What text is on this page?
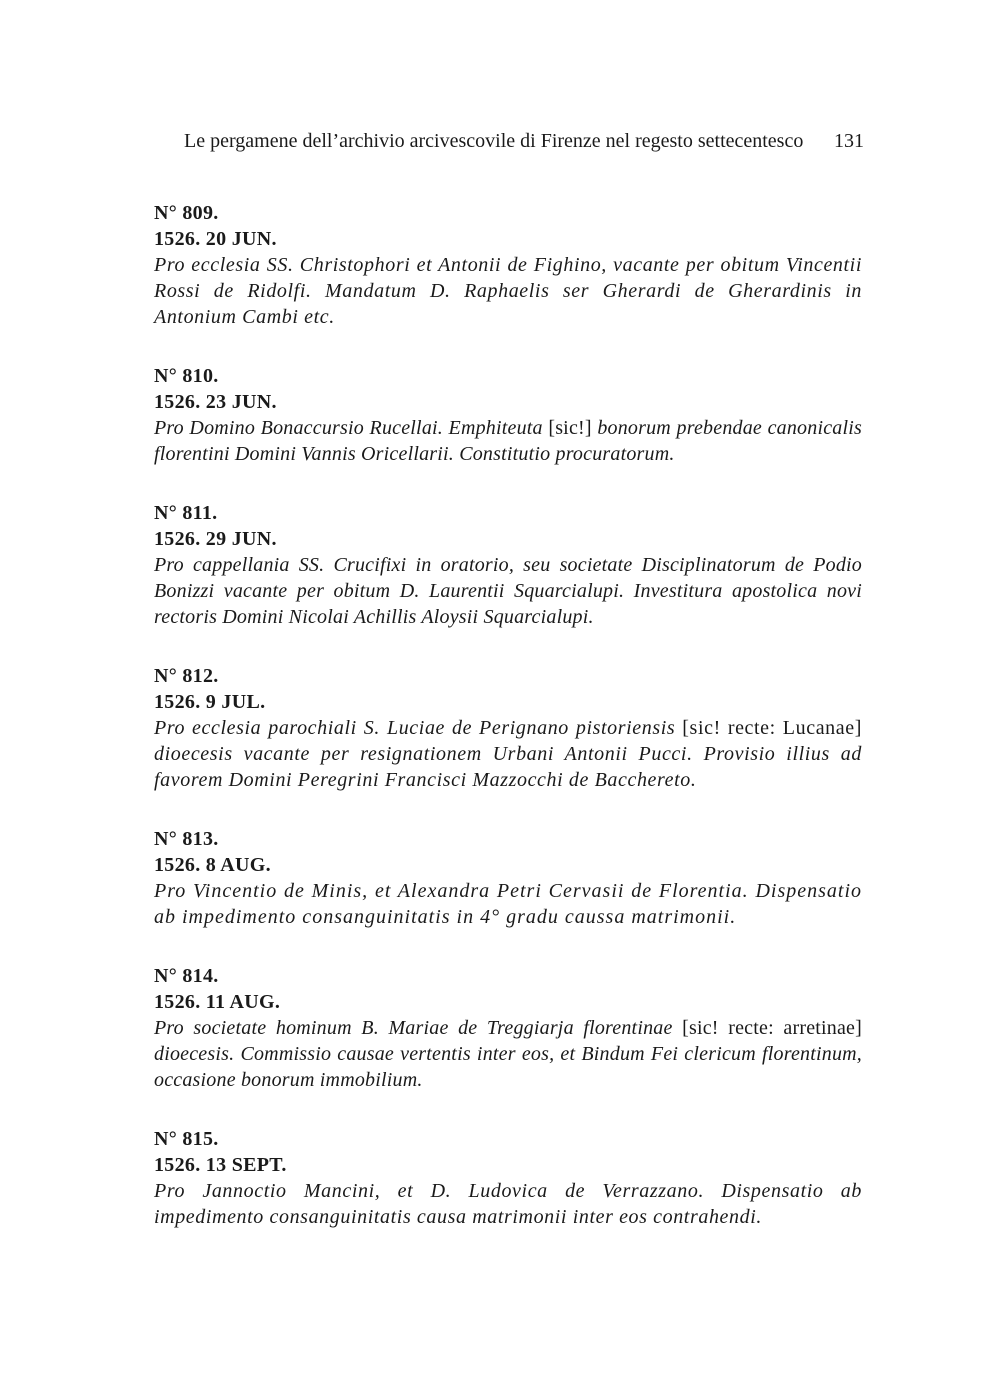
Le pergamene dell’archivio arcivescovile di Firenze nel regesto settecentesco 131
N° 809.
1526. 20 JUN.
Pro ecclesia SS. Christophori et Antonii de Fighino, vacante per obitum Vincentii Rossi de Ridolfi. Mandatum D. Raphaelis ser Gherardi de Gherardinis in Antonium Cambi etc.
N° 810.
1526. 23 JUN.
Pro Domino Bonaccursio Rucellai. Emphiteuta [sic!] bonorum prebendae canonicalis florentini Domini Vannis Oricellarii. Constitutio procuratorum.
N° 811.
1526. 29 JUN.
Pro cappellania SS. Crucifixi in oratorio, seu societate Disciplinatorum de Podio Bonizzi vacante per obitum D. Laurentii Squarcialupi. Investitura apostolica novi rectoris Domini Nicolai Achillis Aloysii Squarcialupi.
N° 812.
1526. 9 JUL.
Pro ecclesia parochiali S. Luciae de Perignano pistoriensis [sic! recte: Lucanae] dioecesis vacante per resignationem Urbani Antonii Pucci. Provisio illius ad favorem Domini Peregrini Francisci Mazzocchi de Bacchereto.
N° 813.
1526. 8 AUG.
Pro Vincentio de Minis, et Alexandra Petri Cervasii de Florentia. Dispensatio ab impedimento consanguinitatis in 4° gradu caussa matrimonii.
N° 814.
1526. 11 AUG.
Pro societate hominum B. Mariae de Treggiarja florentinae [sic! recte: arretinae] dioecesis. Commissio causae vertentis inter eos, et Bindum Fei clericum florentinum, occasione bonorum immobilium.
N° 815.
1526. 13 SEPT.
Pro Jannoctio Mancini, et D. Ludovica de Verrazzano. Dispensatio ab impedimento consanguinitatis causa matrimonii inter eos contrahendi.
